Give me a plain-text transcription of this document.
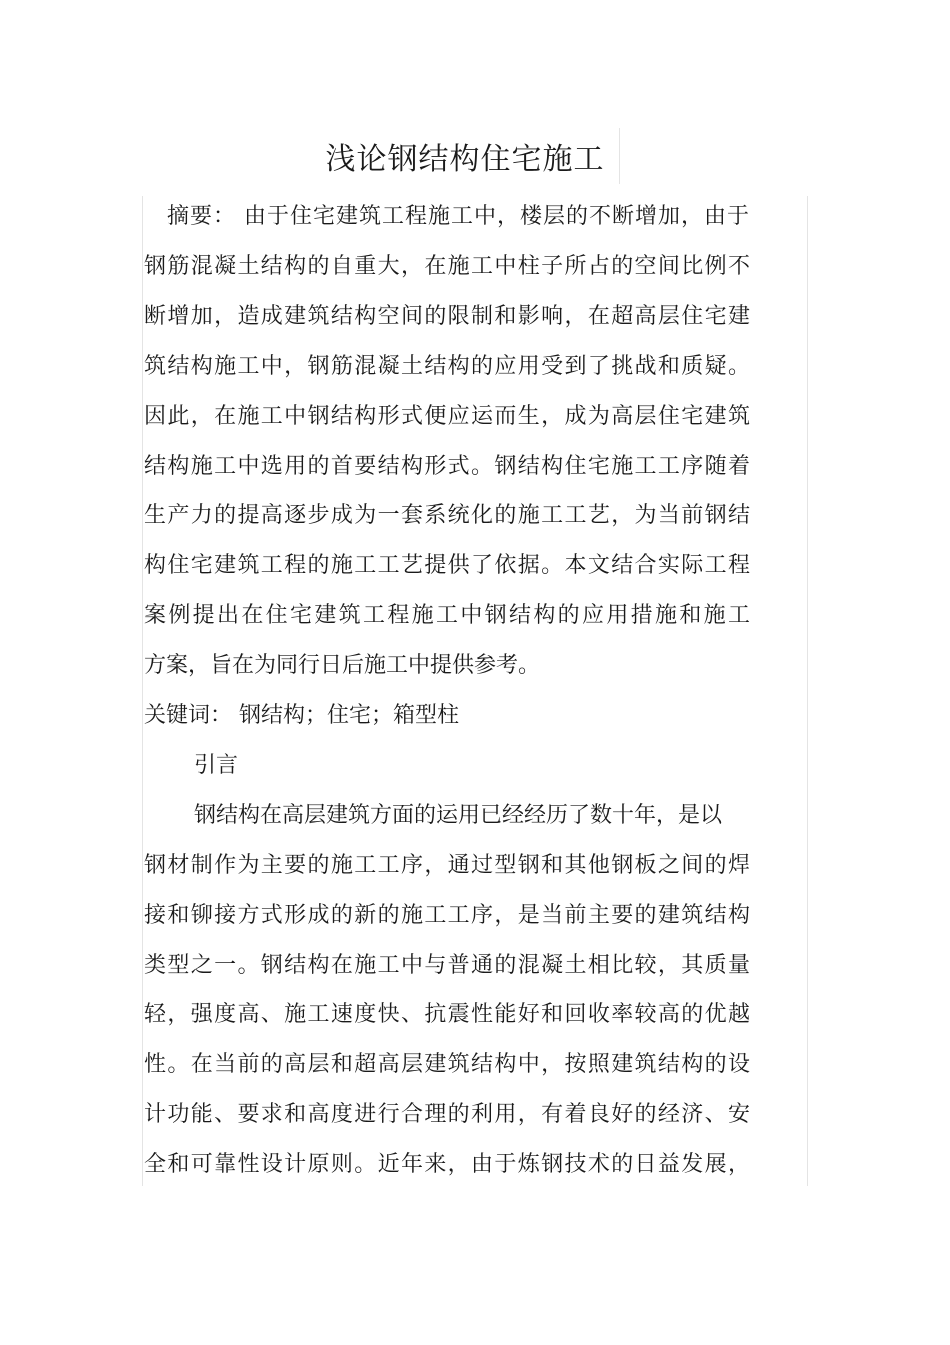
浅论钢结构住宅施工
　摘要： 由于住宅建筑工程施工中，楼层的不断增加，由于
钢筋混凝土结构的自重大，在施工中柱子所占的空间比例不
断增加，造成建筑结构空间的限制和影响，在超高层住宅建
筑结构施工中，钢筋混凝土结构的应用受到了挑战和质疑。
因此，在施工中钢结构形式便应运而生，成为高层住宅建筑
结构施工中选用的首要结构形式。钢结构住宅施工工序随着
生产力的提高逐步成为一套系统化的施工工艺，为当前钢结
构住宅建筑工程的施工工艺提供了依据。本文结合实际工程
案例提出在住宅建筑工程施工中钢结构的应用措施和施工
方案，旨在为同行日后施工中提供参考。
关键词： 钢结构；住宅；箱型柱
引言
钢结构在高层建筑方面的运用已经经历了数十年，是以
钢材制作为主要的施工工序，通过型钢和其他钢板之间的焊
接和铆接方式形成的新的施工工序，是当前主要的建筑结构
类型之一。钢结构在施工中与普通的混凝土相比较，其质量
轻，强度高、施工速度快、抗震性能好和回收率较高的优越
性。在当前的高层和超高层建筑结构中，按照建筑结构的设
计功能、要求和高度进行合理的利用，有着良好的经济、安
全和可靠性设计原则。近年来，由于炼钢技术的日益发展，
